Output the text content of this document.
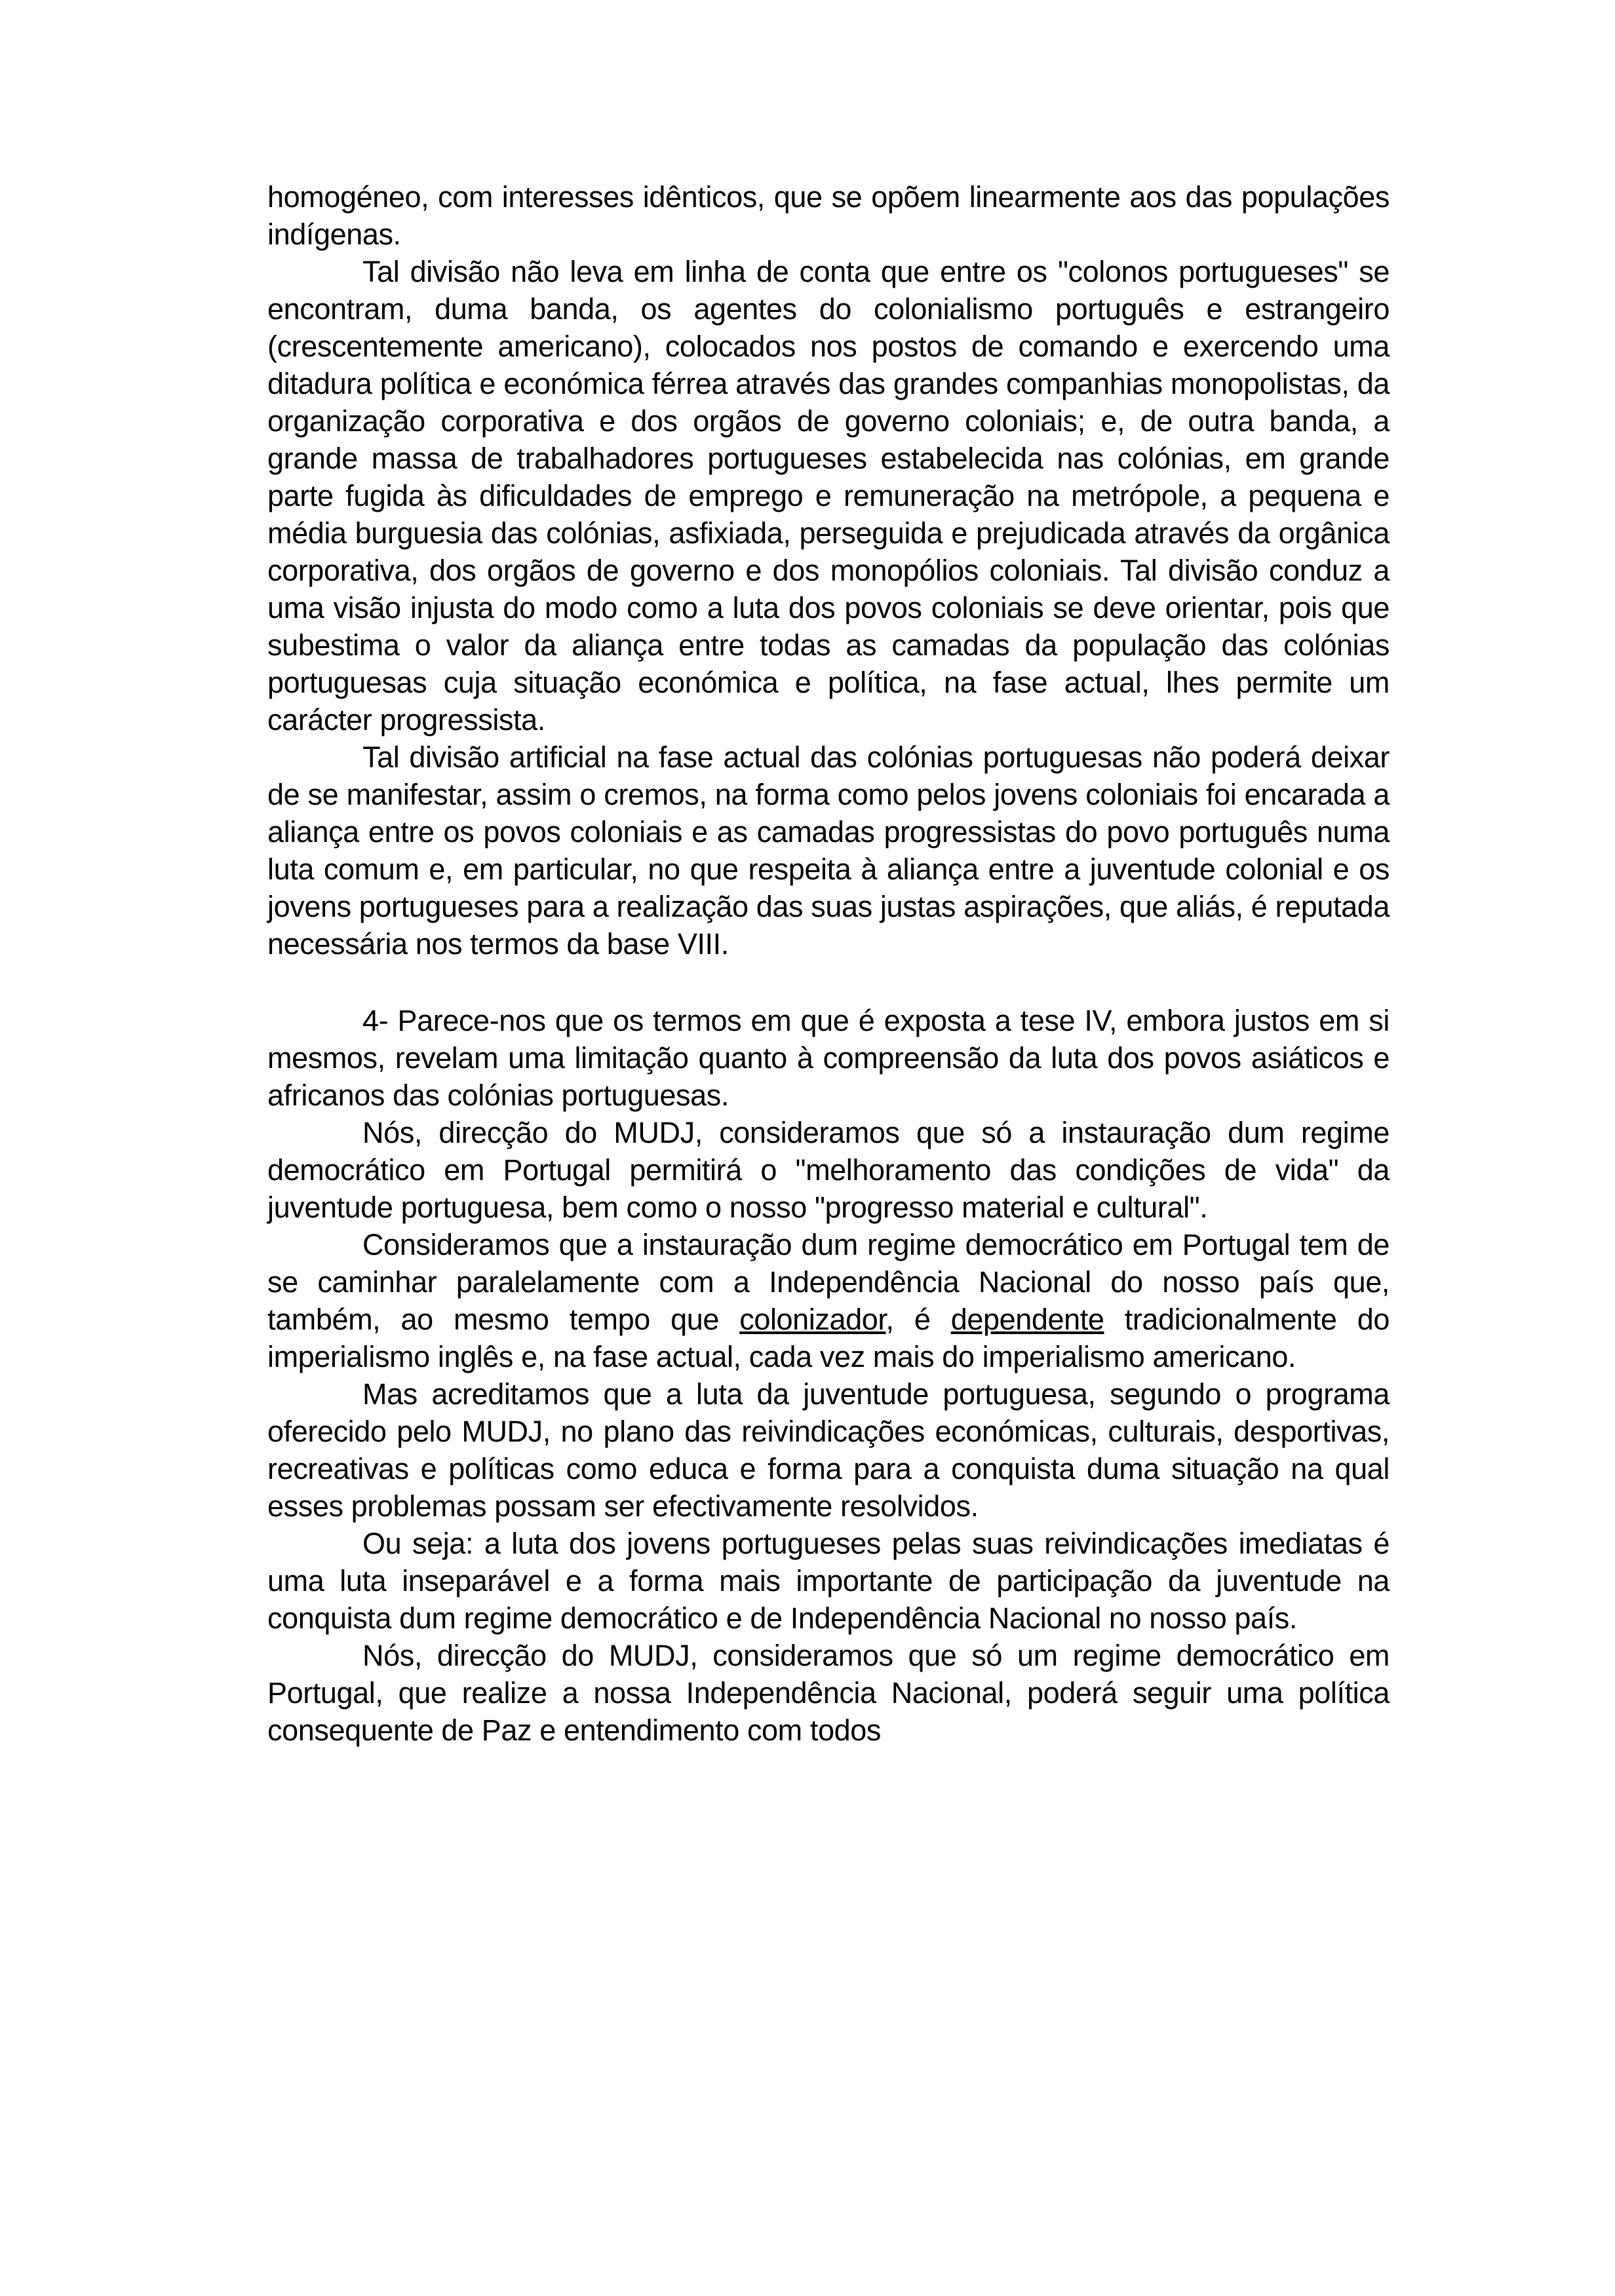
homogéneo, com interesses idênticos, que se opõem linearmente aos das populações indígenas.

Tal divisão não leva em linha de conta que entre os "colonos portugueses" se encontram, duma banda, os agentes do colonialismo português e estrangeiro (crescentemente americano), colocados nos postos de comando e exercendo uma ditadura política e económica férrea através das grandes companhias monopolistas, da organização corporativa e dos orgãos de governo coloniais; e, de outra banda, a grande massa de trabalhadores portugueses estabelecida nas colónias, em grande parte fugida às dificuldades de emprego e remuneração na metrópole, a pequena e média burguesia das colónias, asfixiada, perseguida e prejudicada através da orgânica corporativa, dos orgãos de governo e dos monopólios coloniais. Tal divisão conduz a uma visão injusta do modo como a luta dos povos coloniais se deve orientar, pois que subestima o valor da aliança entre todas as camadas da população das colónias portuguesas cuja situação económica e política, na fase actual, lhes permite um carácter progressista.

Tal divisão artificial na fase actual das colónias portuguesas não poderá deixar de se manifestar, assim o cremos, na forma como pelos jovens coloniais foi encarada a aliança entre os povos coloniais e as camadas progressistas do povo português numa luta comum e, em particular, no que respeita à aliança entre a juventude colonial e os jovens portugueses para a realização das suas justas aspirações, que aliás, é reputada necessária nos termos da base VIII.

4- Parece-nos que os termos em que é exposta a tese IV, embora justos em si mesmos, revelam uma limitação quanto à compreensão da luta dos povos asiáticos e africanos das colónias portuguesas.

Nós, direcção do MUDJ, consideramos que só a instauração dum regime democrático em Portugal permitirá o "melhoramento das condições de vida" da juventude portuguesa, bem como o nosso "progresso material e cultural".

Consideramos que a instauração dum regime democrático em Portugal tem de se caminhar paralelamente com a Independência Nacional do nosso país que, também, ao mesmo tempo que colonizador, é dependente tradicionalmente do imperialismo inglês e, na fase actual, cada vez mais do imperialismo americano.

Mas acreditamos que a luta da juventude portuguesa, segundo o programa oferecido pelo MUDJ, no plano das reivindicações económicas, culturais, desportivas, recreativas e políticas como educa e forma para a conquista duma situação na qual esses problemas possam ser efectivamente resolvidos.

Ou seja: a luta dos jovens portugueses pelas suas reivindicações imediatas é uma luta inseparável e a forma mais importante de participação da juventude na conquista dum regime democrático e de Independência Nacional no nosso país.

Nós, direcção do MUDJ, consideramos que só um regime democrático em Portugal, que realize a nossa Independência Nacional, poderá seguir uma política consequente de Paz e entendimento com todos
